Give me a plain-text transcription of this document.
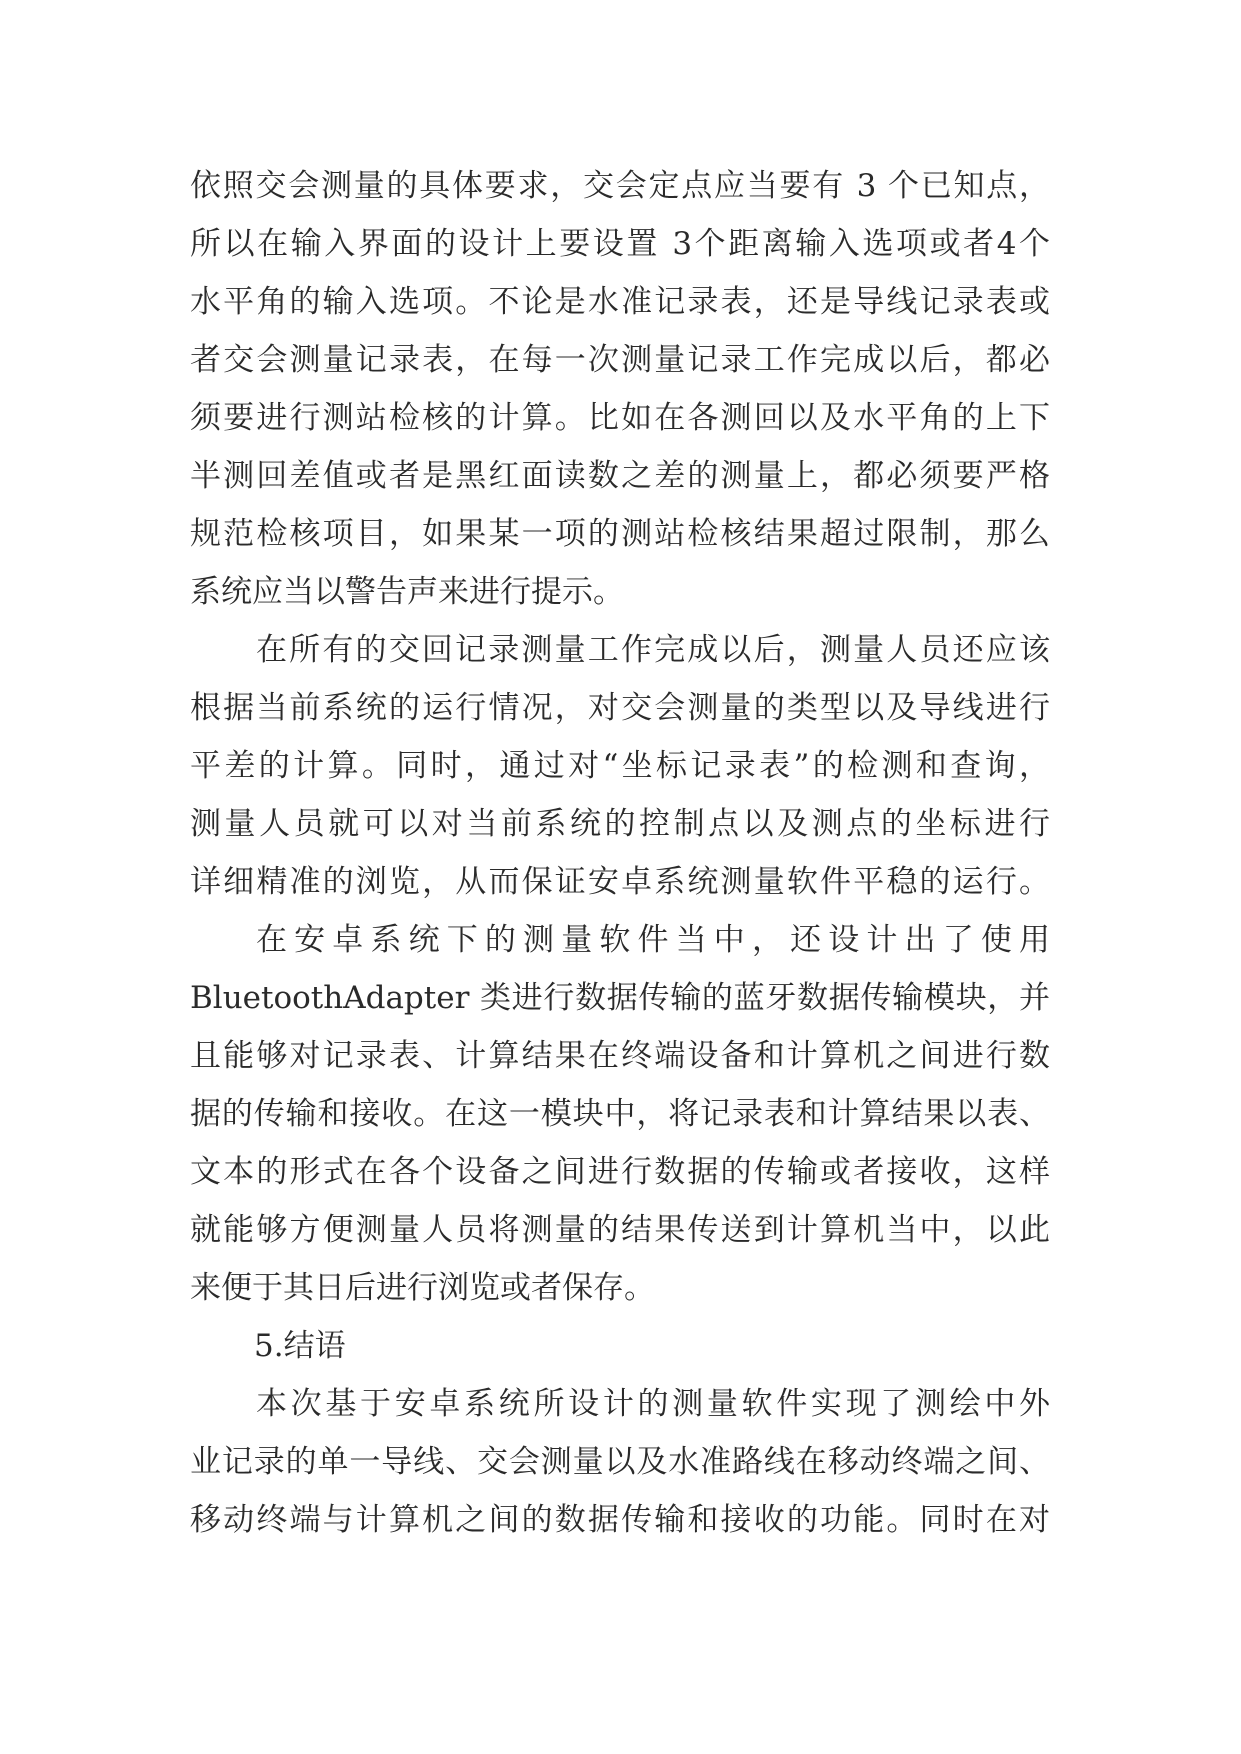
依照交会测量的具体要求，交会定点应当要有 3 个已知点，
所以在输入界面的设计上要设置 3个距离输入选项或者4个
水平角的输入选项。不论是水准记录表，还是导线记录表或
者交会测量记录表，在每一次测量记录工作完成以后，都必
须要进行测站检核的计算。比如在各测回以及水平角的上下
半测回差值或者是黑红面读数之差的测量上，都必须要严格
规范检核项目，如果某一项的测站检核结果超过限制，那么
系统应当以警告声来进行提示。
在所有的交回记录测量工作完成以后，测量人员还应该
根据当前系统的运行情况，对交会测量的类型以及导线进行
平差的计算。同时，通过对“坐标记录表”的检测和查询，
测量人员就可以对当前系统的控制点以及测点的坐标进行
详细精准的浏览，从而保证安卓系统测量软件平稳的运行。
在安卓系统下的测量软件当中，还设计出了使用
BluetoothAdapter 类进行数据传输的蓝牙数据传输模块，并
且能够对记录表、计算结果在终端设备和计算机之间进行数
据的传输和接收。在这一模块中，将记录表和计算结果以表、
文本的形式在各个设备之间进行数据的传输或者接收，这样
就能够方便测量人员将测量的结果传送到计算机当中，以此
来便于其日后进行浏览或者保存。
5.结语
本次基于安卓系统所设计的测量软件实现了测绘中外
业记录的单一导线、交会测量以及水准路线在移动终端之间、
移动终端与计算机之间的数据传输和接收的功能。同时在对
